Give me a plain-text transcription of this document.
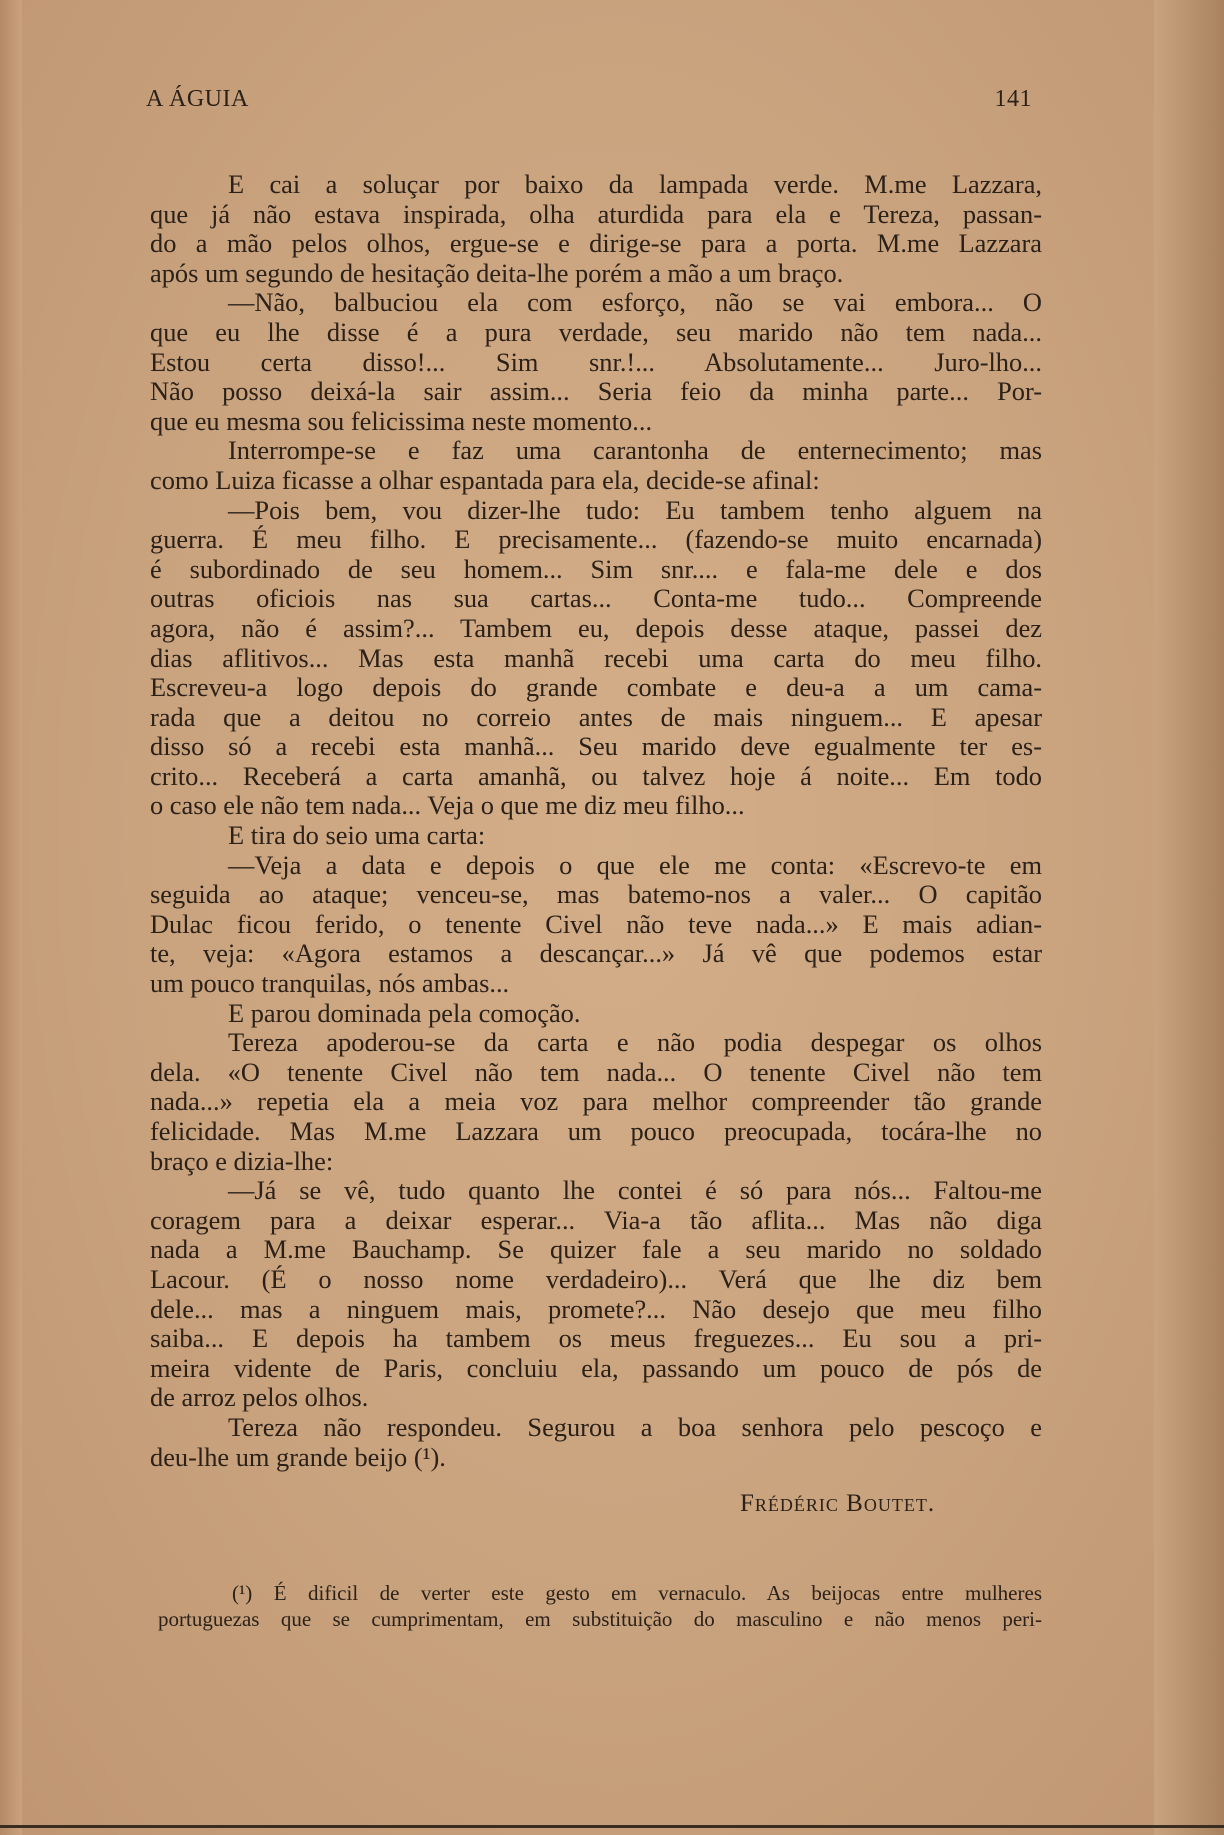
A ÁGUIA	141

E cai a soluçar por baixo da lampada verde. M.me Lazzara,

que já não estava inspirada, olha aturdida para ela e Tereza, passan-

do a mão pelos olhos, ergue-se e dirige-se para a porta. M.me Lazzara

após um segundo de hesitação deita-lhe porém a mão a um braço.

—Não, balbuciou ela com esforço, não se vai embora... O

que eu lhe disse é a pura verdade, seu marido não tem nada...

Estou certa disso!... Sim snr.!... Absolutamente... Juro-lho...

Não posso deixá-la sair assim... Seria feio da minha parte... Por-

que eu mesma sou felicissima neste momento...

Interrompe-se e faz uma carantonha de enternecimento; mas

como Luiza ficasse a olhar espantada para ela, decide-se afinal:

—Pois bem, vou dizer-lhe tudo: Eu tambem tenho alguem na

guerra. É meu filho. E precisamente... (fazendo-se muito encarnada)

é subordinado de seu homem... Sim snr.... e fala-me dele e dos

outras oficiois nas sua cartas... Conta-me tudo... Compreende

agora, não é assim?... Tambem eu, depois desse ataque, passei dez

dias aflitivos... Mas esta manhã recebi uma carta do meu filho.

Escreveu-a logo depois do grande combate e deu-a a um cama-

rada que a deitou no correio antes de mais ninguem... E apesar

disso só a recebi esta manhã... Seu marido deve egualmente ter es-

crito... Receberá a carta amanhã, ou talvez hoje á noite... Em todo

o caso ele não tem nada... Veja o que me diz meu filho...

E tira do seio uma carta:

—Veja a data e depois o que ele me conta: «Escrevo-te em

seguida ao ataque; venceu-se, mas batemo-nos a valer... O capitão

Dulac ficou ferido, o tenente Civel não teve nada...» E mais adian-

te, veja: «Agora estamos a descançar...» Já vê que podemos estar

um pouco tranquilas, nós ambas...

E parou dominada pela comoção.

Tereza apoderou-se da carta e não podia despegar os olhos

dela. «O tenente Civel não tem nada... O tenente Civel não tem

nada...» repetia ela a meia voz para melhor compreender tão grande

felicidade. Mas M.me Lazzara um pouco preocupada, tocára-lhe no

braço e dizia-lhe:

—Já se vê, tudo quanto lhe contei é só para nós... Faltou-me

coragem para a deixar esperar... Via-a tão aflita... Mas não diga

nada a M.me Bauchamp. Se quizer fale a seu marido no soldado

Lacour. (É o nosso nome verdadeiro)... Verá que lhe diz bem

dele... mas a ninguem mais, promete?... Não desejo que meu filho

saiba... E depois ha tambem os meus freguezes... Eu sou a pri-

meira vidente de Paris, concluiu ela, passando um pouco de pós de

de arroz pelos olhos.

Tereza não respondeu. Segurou a boa senhora pelo pescoço e

deu-lhe um grande beijo (¹).

Frédéric Boutet.

(¹) É dificil de verter este gesto em vernaculo. As beijocas entre mulheres

portuguezas que se cumprimentam, em substituição do masculino e não menos peri-
